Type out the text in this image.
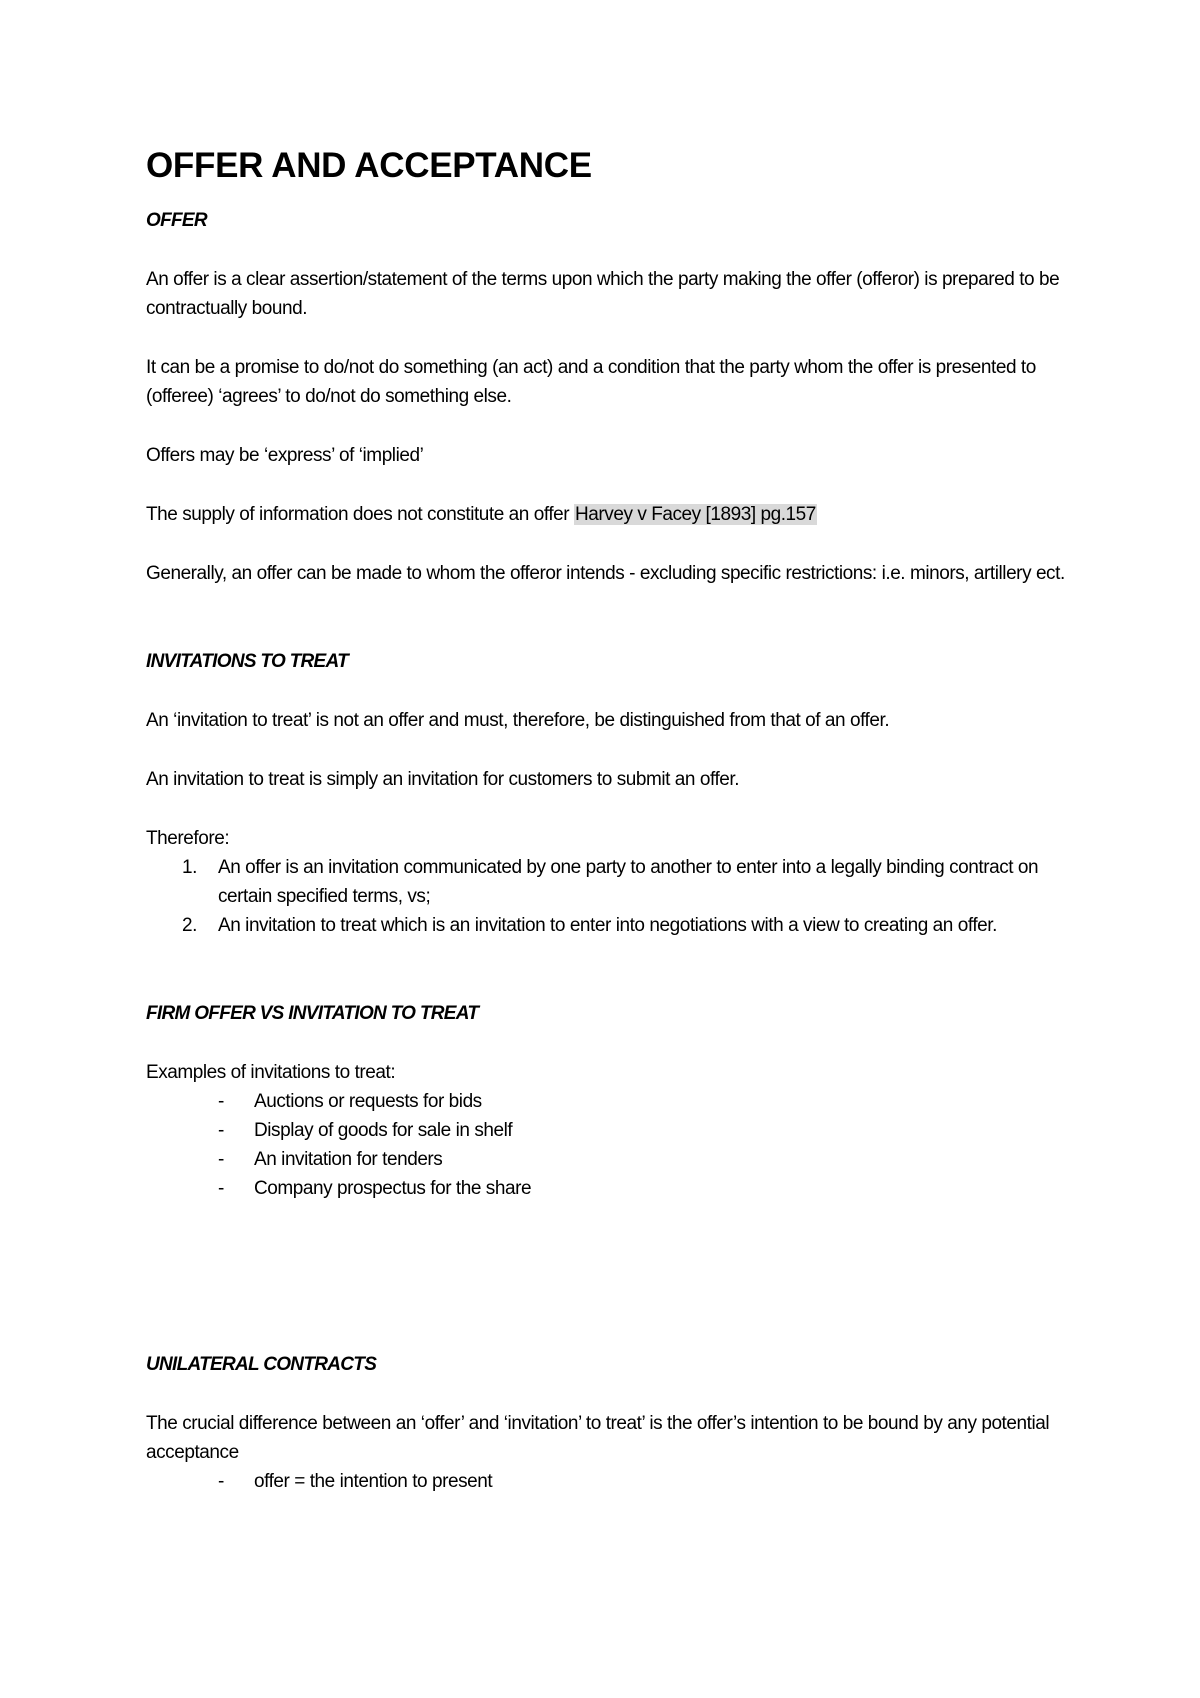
OFFER AND ACCEPTANCE
OFFER

An offer is a clear assertion/statement of the terms upon which the party making the offer (offeror) is prepared to be contractually bound.

It can be a promise to do/not do something (an act) and a condition that the party whom the offer is presented to (offeree) ‘agrees’ to do/not do something else.

Offers may be ‘express’ of ‘implied’

The supply of information does not constitute an offer Harvey v Facey [1893] pg.157

Generally, an offer can be made to whom the offeror intends - excluding specific restrictions: i.e. minors, artillery ect.

INVITATIONS TO TREAT

An ‘invitation to treat’ is not an offer and must, therefore, be distinguished from that of an offer.

An invitation to treat is simply an invitation for customers to submit an offer.

Therefore:

1. An offer is an invitation communicated by one party to another to enter into a legally binding contract on certain specified terms, vs;
2. An invitation to treat which is an invitation to enter into negotiations with a view to creating an offer.
FIRM OFFER VS INVITATION TO TREAT

Examples of invitations to treat:

- Auctions or requests for bids
- Display of goods for sale in shelf
- An invitation for tenders
- Company prospectus for the share
UNILATERAL CONTRACTS

The crucial difference between an ‘offer’ and ‘invitation’ to treat’ is the offer’s intention to be bound by any potential acceptance

- offer = the intention to present
